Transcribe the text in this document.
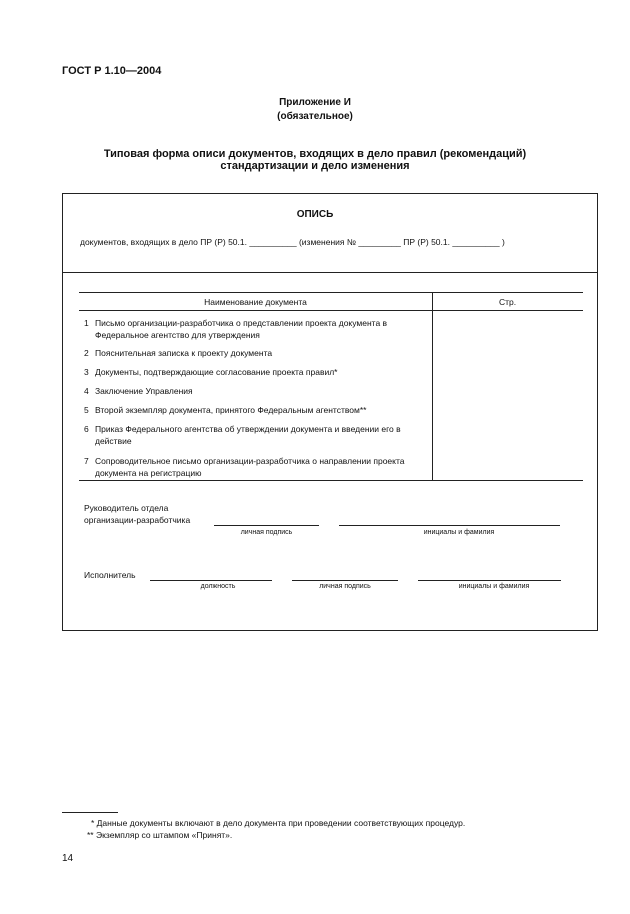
ГОСТ Р 1.10—2004
Приложение И
(обязательное)
Типовая форма описи документов, входящих в дело правил (рекомендаций)
стандартизации и дело изменения
ОПИСЬ
документов, входящих в дело ПР (Р) 50.1. __________ (изменения № _________ ПР (Р) 50.1. __________ )
Наименование документа	Стр.
1 Письмо организации-разработчика о представлении проекта документа в Федеральное агентство для утверждения
2 Пояснительная записка к проекту документа
3 Документы, подтверждающие согласование проекта правил*
4 Заключение Управления
5 Второй экземпляр документа, принятого Федеральным агентством**
6 Приказ Федерального агентства об утверждении документа и введении его в действие
7 Сопроводительное письмо организации-разработчика о направлении проекта документа на регистрацию
Руководитель отдела
организации-разработчика
личная подпись	инициалы и фамилия
Исполнитель
должность	личная подпись	инициалы и фамилия
* Данные документы включают в дело документа при проведении соответствующих процедур.
** Экземпляр со штампом «Принят».
14
